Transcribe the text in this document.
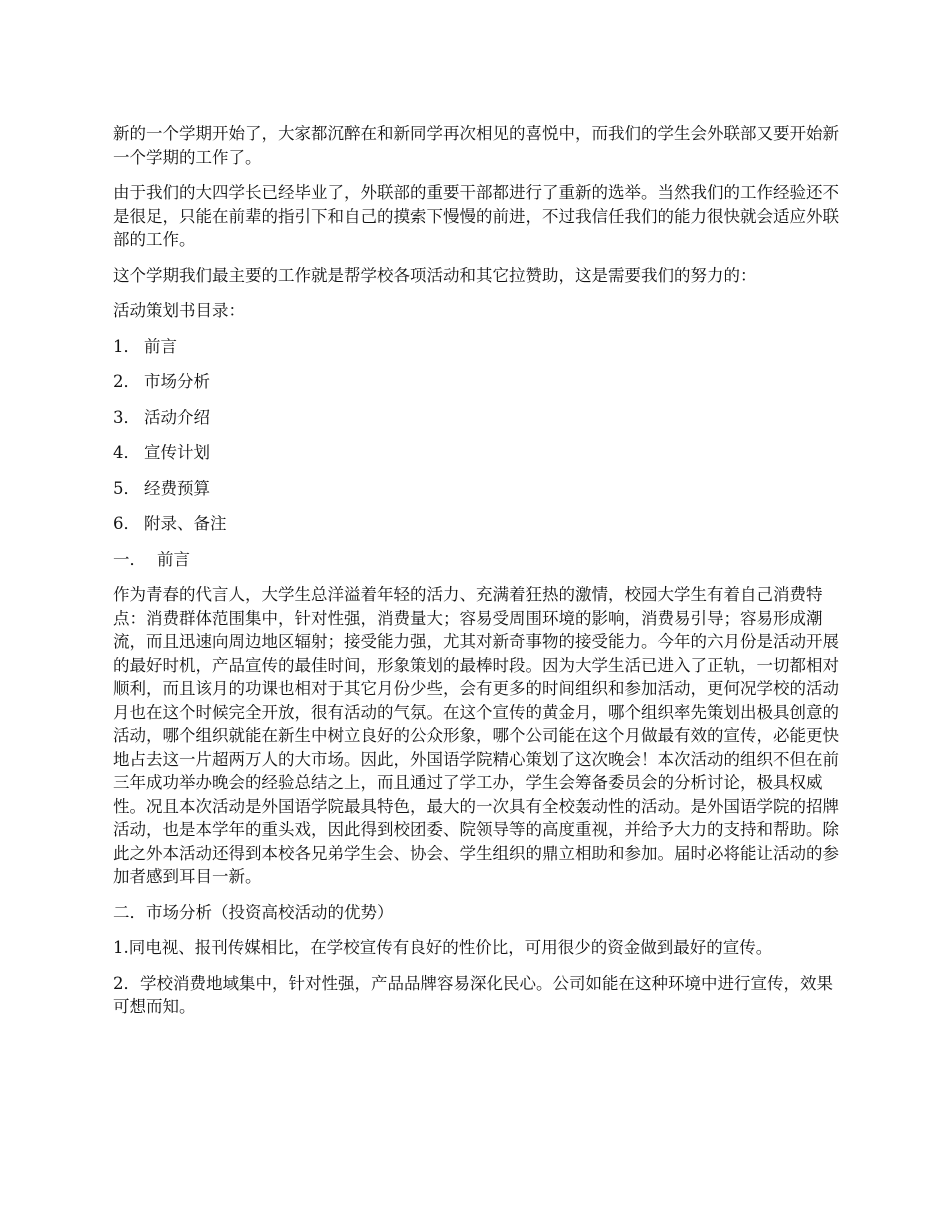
新的一个学期开始了，大家都沉醉在和新同学再次相见的喜悦中，而我们的学生会外联部又要开始新一个学期的工作了。

由于我们的大四学长已经毕业了，外联部的重要干部都进行了重新的选举。当然我们的工作经验还不是很足，只能在前辈的指引下和自己的摸索下慢慢的前进，不过我信任我们的能力很快就会适应外联部的工作。

这个学期我们最主要的工作就是帮学校各项活动和其它拉赞助，这是需要我们的努力的：

活动策划书目录：

1． 前言

2． 市场分析

3． 活动介绍

4． 宣传计划

5． 经费预算

6． 附录、备注

一． 前言

作为青春的代言人，大学生总洋溢着年轻的活力、充满着狂热的激情，校园大学生有着自己消费特点：消费群体范围集中，针对性强，消费量大；容易受周围环境的影响，消费易引导；容易形成潮流，而且迅速向周边地区辐射；接受能力强，尤其对新奇事物的接受能力。今年的六月份是活动开展的最好时机，产品宣传的最佳时间，形象策划的最棒时段。因为大学生活已进入了正轨，一切都相对顺利，而且该月的功课也相对于其它月份少些，会有更多的时间组织和参加活动，更何况学校的活动月也在这个时候完全开放，很有活动的气氛。在这个宣传的黄金月，哪个组织率先策划出极具创意的活动，哪个组织就能在新生中树立良好的公众形象，哪个公司能在这个月做最有效的宣传，必能更快地占去这一片超两万人的大市场。因此，外国语学院精心策划了这次晚会！本次活动的组织不但在前三年成功举办晚会的经验总结之上，而且通过了学工办，学生会筹备委员会的分析讨论，极具权威性。况且本次活动是外国语学院最具特色，最大的一次具有全校轰动性的活动。是外国语学院的招牌活动，也是本学年的重头戏，因此得到校团委、院领导等的高度重视，并给予大力的支持和帮助。除此之外本活动还得到本校各兄弟学生会、协会、学生组织的鼎立相助和参加。届时必将能让活动的参加者感到耳目一新。

二．市场分析（投资高校活动的优势）

1.同电视、报刊传媒相比，在学校宣传有良好的性价比，可用很少的资金做到最好的宣传。

2．学校消费地域集中，针对性强，产品品牌容易深化民心。公司如能在这种环境中进行宣传，效果可想而知。
